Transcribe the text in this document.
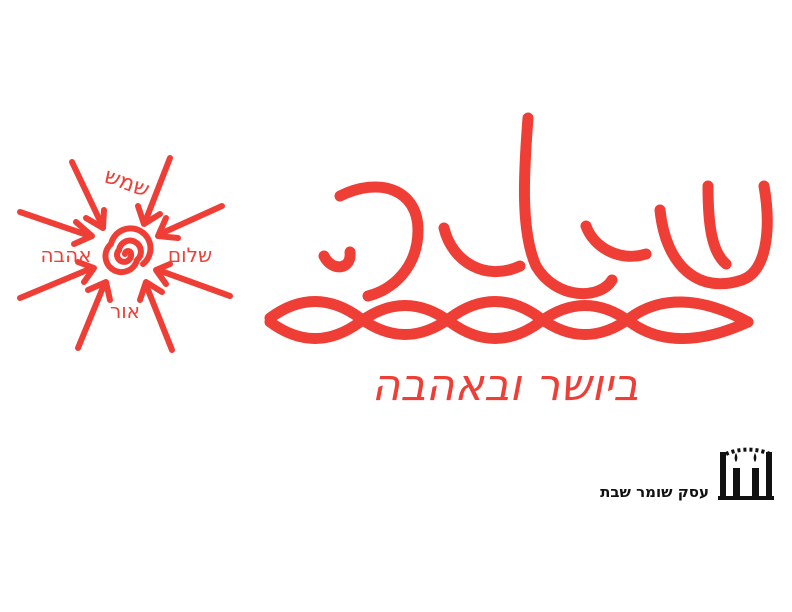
שמש
אהבה	שלום
אור
ביושר ובאהבה
עסק שומר שבת
